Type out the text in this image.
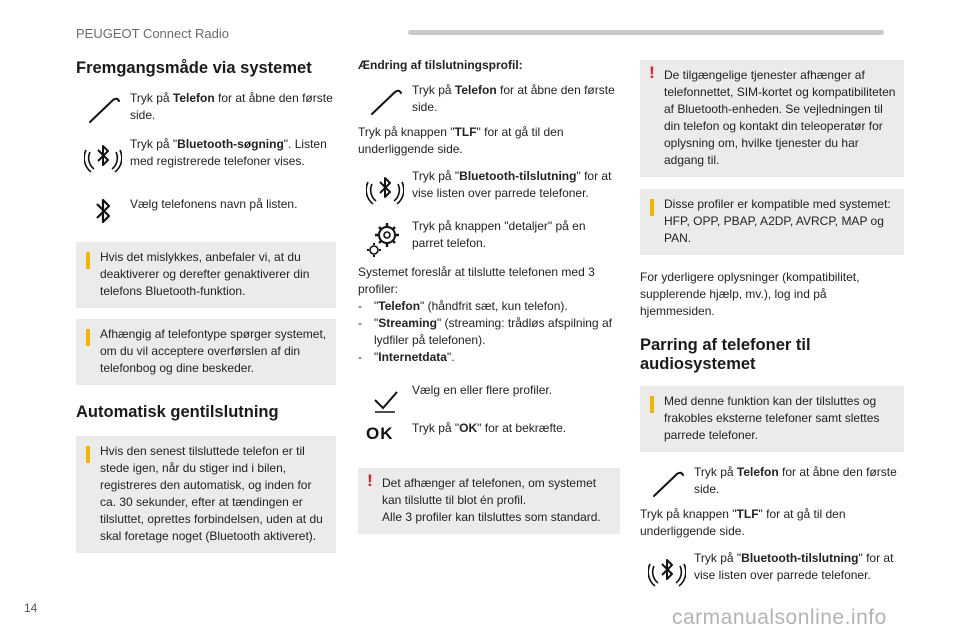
PEUGEOT Connect Radio
Fremgangsmåde via systemet

Tryk på Telefon for at åbne den første side.

Tryk på "Bluetooth-søgning". Listen med registrerede telefoner vises.

Vælg telefonens navn på listen.

Hvis det mislykkes, anbefaler vi, at du deaktiverer og derefter genaktiverer din telefons Bluetooth-funktion.
Afhængig af telefontype spørger systemet, om du vil acceptere overførslen af din telefonbog og dine beskeder.
Automatisk gentilslutning
Hvis den senest tilsluttede telefon er til stede igen, når du stiger ind i bilen, registreres den automatisk, og inden for ca. 30 sekunder, efter at tændingen er tilsluttet, oprettes forbindelsen, uden at du skal foretage noget (Bluetooth aktiveret).

Ændring af tilslutningsprofil:

Tryk på Telefon for at åbne den første side.

Tryk på knappen "TLF" for at gå til den underliggende side.

Tryk på "Bluetooth-tilslutning" for at vise listen over parrede telefoner.

Tryk på knappen "detaljer" på en parret telefon.

Systemet foreslår at tilslutte telefonen med 3 profiler:

- "Telefon" (håndfrit sæt, kun telefon).
- "Streaming" (streaming: trådløs afspilning af lydfiler på telefonen).
- "Internetdata".

Vælg en eller flere profiler.

OK	Tryk på "OK" for at bekræfte.

! Det afhænger af telefonen, om systemet kan tilslutte til blot én profil.
Alle 3 profiler kan tilsluttes som standard.
! De tilgængelige tjenester afhænger af telefonnettet, SIM-kortet og kompatibiliteten af Bluetooth-enheden. Se vejledningen til din telefon og kontakt din teleoperatør for oplysning om, hvilke tjenester du har adgang til.
Disse profiler er kompatible med systemet: HFP, OPP, PBAP, A2DP, AVRCP, MAP og PAN.

For yderligere oplysninger (kompatibilitet, supplerende hjælp, mv.), log ind på hjemmesiden.

Parring af telefoner til audiosystemet
Med denne funktion kan der tilsluttes og frakobles eksterne telefoner samt slettes parrede telefoner.

Tryk på Telefon for at åbne den første side.

Tryk på knappen "TLF" for at gå til den underliggende side.

Tryk på "Bluetooth-tilslutning" for at vise listen over parrede telefoner.

14	carmanualsonline.info
